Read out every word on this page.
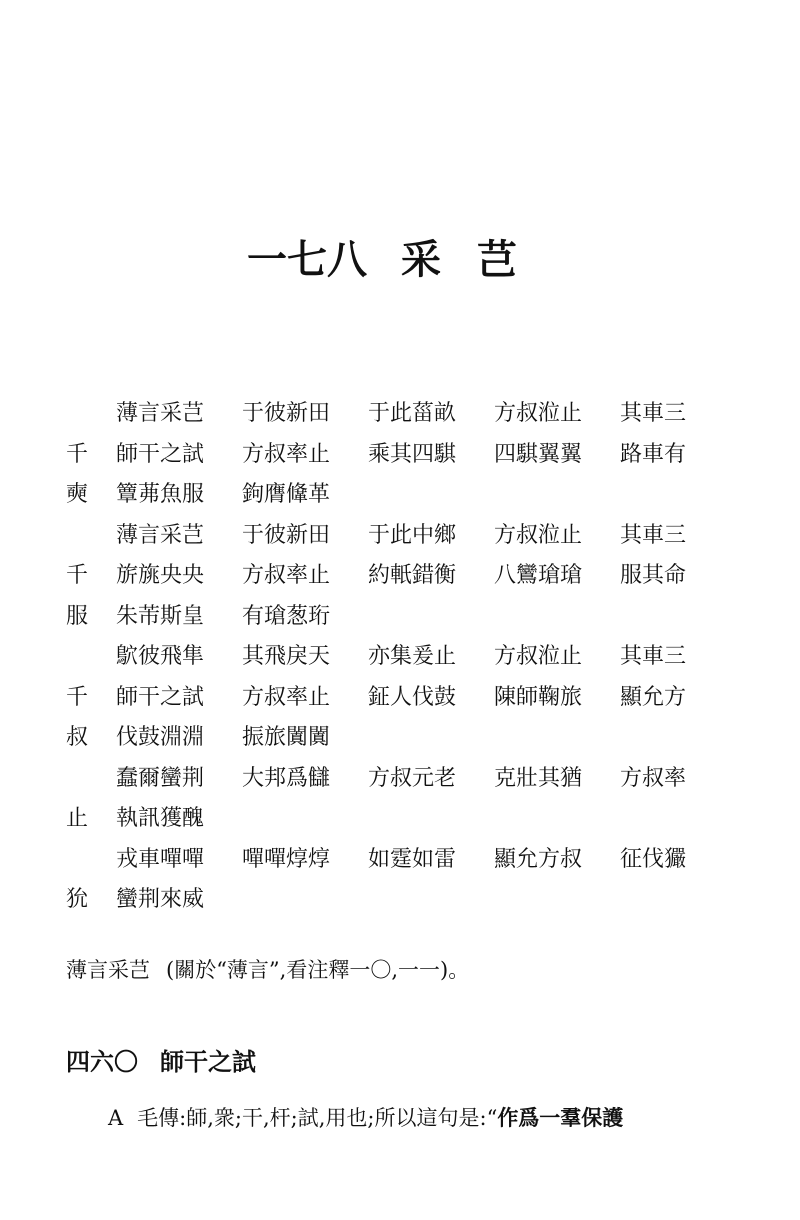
一七八 采芑
薄言采芑 于彼新田 于此菑畝 方叔涖止 其車三
千 師干之試 方叔率止 乘其四騏 四騏翼翼 路車有
奭 簟茀魚服 鉤膺鞗革
薄言采芑 于彼新田 于此中鄉 方叔涖止 其車三
千 旂旐央央 方叔率止 約軝錯衡 八鸞瑲瑲 服其命
服 朱芾斯皇 有瑲葱珩
鴥彼飛隼 其飛戾天 亦集爰止 方叔涖止 其車三
千 師干之試 方叔率止 鉦人伐鼓 陳師鞠旅 顯允方
叔 伐鼓淵淵 振旅闐闐
蠢爾蠻荆 大邦爲讎 方叔元老 克壯其猶 方叔率
止 執訊獲醜
戎車嘽嘽 嘽嘽焞焞 如霆如雷 顯允方叔 征伐玁
狁 蠻荆來威
薄言采芑 (關於“薄言”,看注釋一〇,一一)。
四六〇 師干之試
A 毛傳:師,衆;干,杆;試,用也;所以這句是:“作爲一羣保護
